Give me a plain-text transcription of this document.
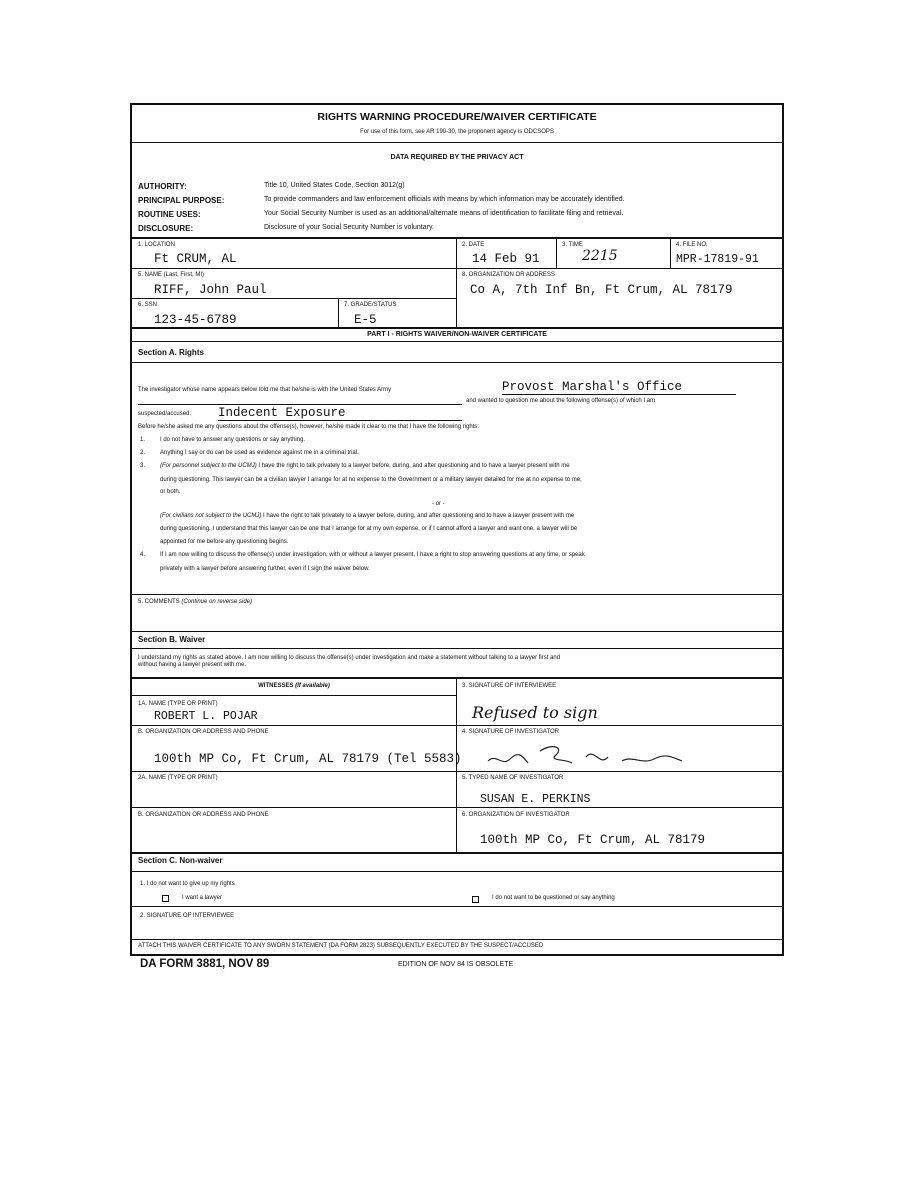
RIGHTS WARNING PROCEDURE/WAIVER CERTIFICATE
For use of this form, see AR 190-30, the proponent agency is ODCSOPS
DATA REQUIRED BY THE PRIVACY ACT
AUTHORITY:	Title 10, United States Code, Section 3012(g)
PRINCIPAL PURPOSE:	To provide commanders and law enforcement officials with means by which information may be accurately identified.
ROUTINE USES:	Your Social Security Number is used as an additional/alternate means of identification to facilitate filing and retrieval.
DISCLOSURE:	Disclosure of your Social Security Number is voluntary.
1. LOCATION
Ft CRUM, AL
2. DATE
14 Feb 91
3. TIME
2215
4. FILE NO.
MPR-17819-91
5. NAME (Last, First, MI)
RIFF, John Paul
8. ORGANIZATION OR ADDRESS
Co A, 7th Inf Bn, Ft Crum, AL 78179
6. SSN
123-45-6789
7. GRADE/STATUS
E-5
PART I - RIGHTS WAIVER/NON-WAIVER CERTIFICATE
Section A. Rights
The investigator whose name appears below told me that he/she is with the United States Army	Provost Marshal's Office
and wanted to question me about the following offense(s) of which I am
suspected/accused: Indecent Exposure
Before he/she asked me any questions about the offense(s), however, he/she made it clear to me that I have the following rights:
1. I do not have to answer any questions or say anything.
2. Anything I say or do can be used as evidence against me in a criminal trial.
3. (For personnel subject to the UCMJ) I have the right to talk privately to a lawyer before, during, and after questioning and to have a lawyer present with me
during questioning. This lawyer can be a civilian lawyer I arrange for at no expense to the Government or a military lawyer detailed for me at no expense to me,
or both.
- or -
(For civilians not subject to the UCMJ) I have the right to talk privately to a lawyer before, during, and after questioning and to have a lawyer present with me
during questioning. I understand that this lawyer can be one that I arrange for at my own expense, or if I cannot afford a lawyer and want one, a lawyer will be
appointed for me before any questioning begins.
4. If I am now willing to discuss the offense(s) under investigation, with or without a lawyer present, I have a right to stop answering questions at any time, or speak
privately with a lawyer before answering further, even if I sign the waiver below.
5. COMMENTS (Continue on reverse side)
Section B. Waiver
I understand my rights as stated above. I am now willing to discuss the offense(s) under investigation and make a statement without talking to a lawyer first and
without having a lawyer present with me.
WITNESSES (If available)
1A. NAME (TYPE OR PRINT)
ROBERT L. POJAR
B. ORGANIZATION OR ADDRESS AND PHONE
100th MP Co, Ft Crum, AL 78179 (Tel 5583)
2A. NAME (TYPE OR PRINT)
B. ORGANIZATION OR ADDRESS AND PHONE
3. SIGNATURE OF INTERVIEWEE
Refused to sign
4. SIGNATURE OF INVESTIGATOR
5. TYPED NAME OF INVESTIGATOR
SUSAN E. PERKINS
6. ORGANIZATION OF INVESTIGATOR
100th MP Co, Ft Crum, AL 78179
Section C. Non-waiver
1. I do not want to give up my rights
I want a lawyer	I do not want to be questioned or say anything
2. SIGNATURE OF INTERVIEWEE
ATTACH THIS WAIVER CERTIFICATE TO ANY SWORN STATEMENT (DA FORM 2823) SUBSEQUENTLY EXECUTED BY THE SUSPECT/ACCUSED
DA FORM 3881, NOV 89	EDITION OF NOV 84 IS OBSOLETE
